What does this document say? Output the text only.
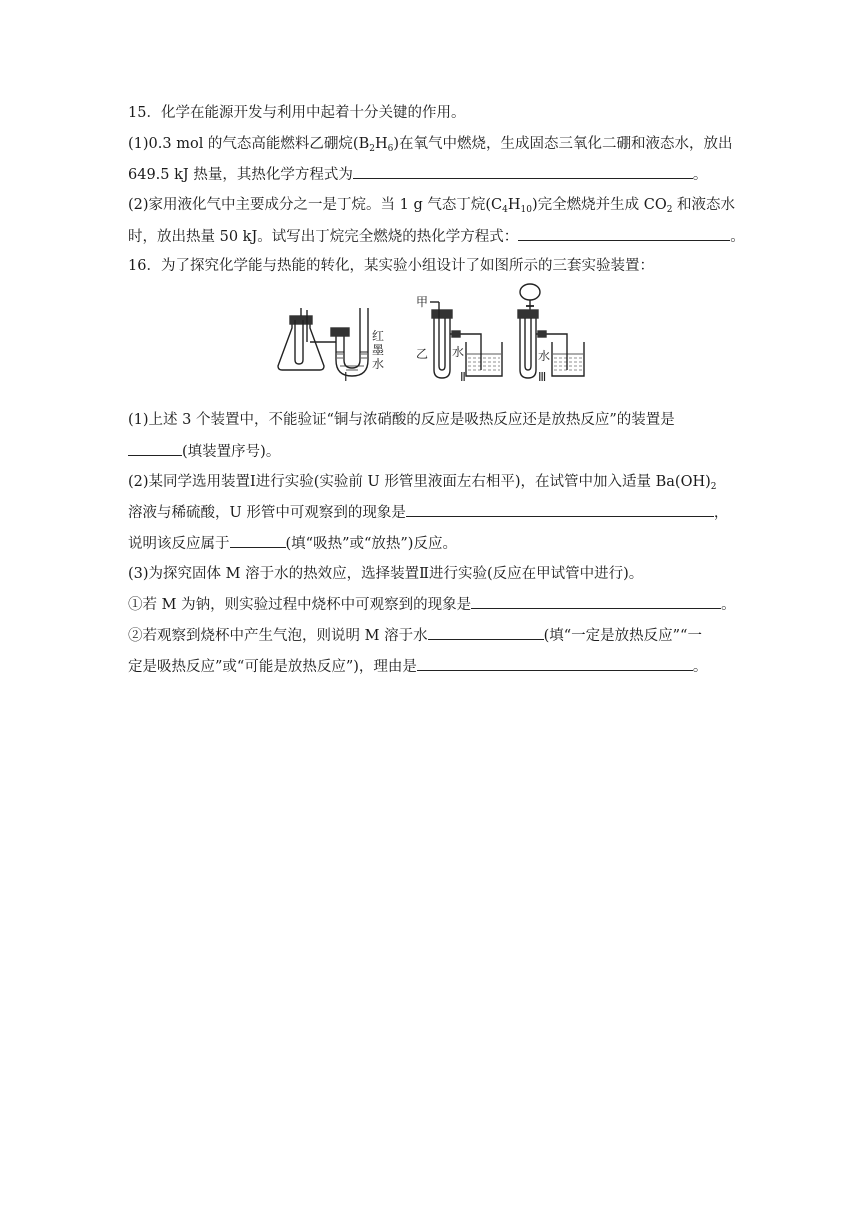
15．化学在能源开发与利用中起着十分关键的作用。
(1)0.3 mol 的气态高能燃料乙硼烷$(B_2H_6)$在氧气中燃烧，生成固态三氧化二硼和液态水，放出
649.5 kJ 热量，其热化学方程式为	。
(2)家用液化气中主要成分之一是丁烷。当 1 g 气态丁烷$(C_4H_{10})$完全燃烧并生成 $CO_2$ 和液态水
时，放出热量 50 kJ。试写出丁烷完全燃烧的热化学方程式：	。
16．为了探究化学能与热能的转化，某实验小组设计了如图所示的三套实验装置：
红
墨
水
甲
乙 水	水
Ⅰ	Ⅱ	Ⅲ
(1)上述 3 个装置中，不能验证“铜与浓硝酸的反应是吸热反应还是放热反应”的装置是
(填装置序号)。
(2)某同学选用装置Ⅰ进行实验(实验前 U 形管里液面左右相平)，在试管中加入适量 $Ba(OH)_2$
溶液与稀硫酸，U 形管中可观察到的现象是	，
说明该反应属于	(填“吸热”或“放热”)反应。
(3)为探究固体 M 溶于水的热效应，选择装置Ⅱ进行实验(反应在甲试管中进行)。
①若 M 为钠，则实验过程中烧杯中可观察到的现象是	。
②若观察到烧杯中产生气泡，则说明 M 溶于水	(填“一定是放热反应”“一
定是吸热反应”或“可能是放热反应”)，理由是	。
